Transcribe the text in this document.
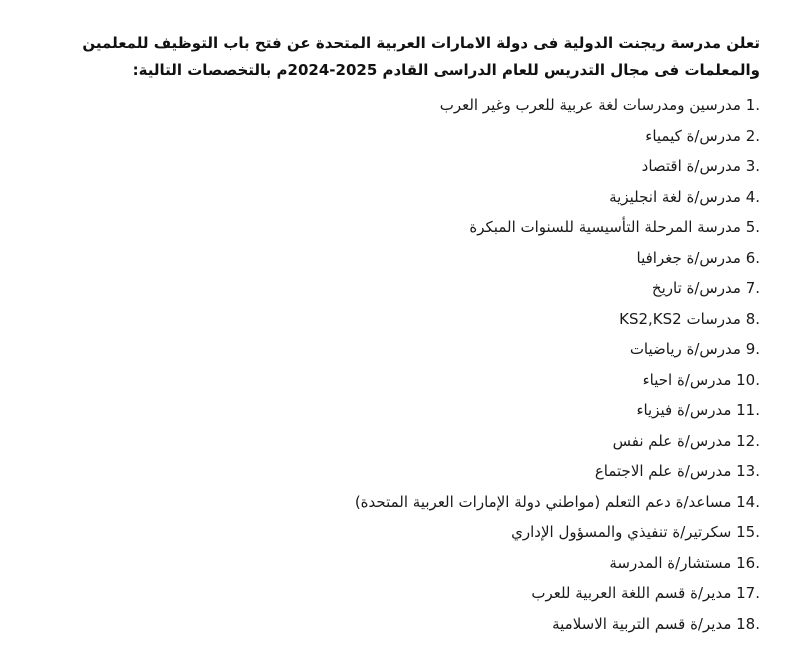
تعلن مدرسة ريجنت الدولية فى دولة الامارات العربية المتحدة عن فتح باب التوظيف للمعلمين والمعلمات فى مجال التدريس للعام الدراسى القادم 2025-2024م بالتخصصات التالية:

1. مدرسين ومدرسات لغة عربية للعرب وغير العرب
2. مدرس/ة كيمياء
3. مدرس/ة اقتصاد
4. مدرس/ة لغة انجليزية
5. مدرسة المرحلة التأسيسية للسنوات المبكرة
6. مدرس/ة جغرافيا
7. مدرس/ة تاريخ
8. مدرسات KS2,KS2
9. مدرس/ة رياضيات
10. مدرس/ة احياء
11. مدرس/ة فيزياء
12. مدرس/ة علم نفس
13. مدرس/ة علم الاجتماع
14. مساعد/ة دعم التعلم (مواطني دولة الإمارات العربية المتحدة)
15. سكرتير/ة تنفيذي والمسؤول الإداري
16. مستشار/ة المدرسة
17. مدير/ة قسم اللغة العربية للعرب
18. مدير/ة قسم التربية الاسلامية
